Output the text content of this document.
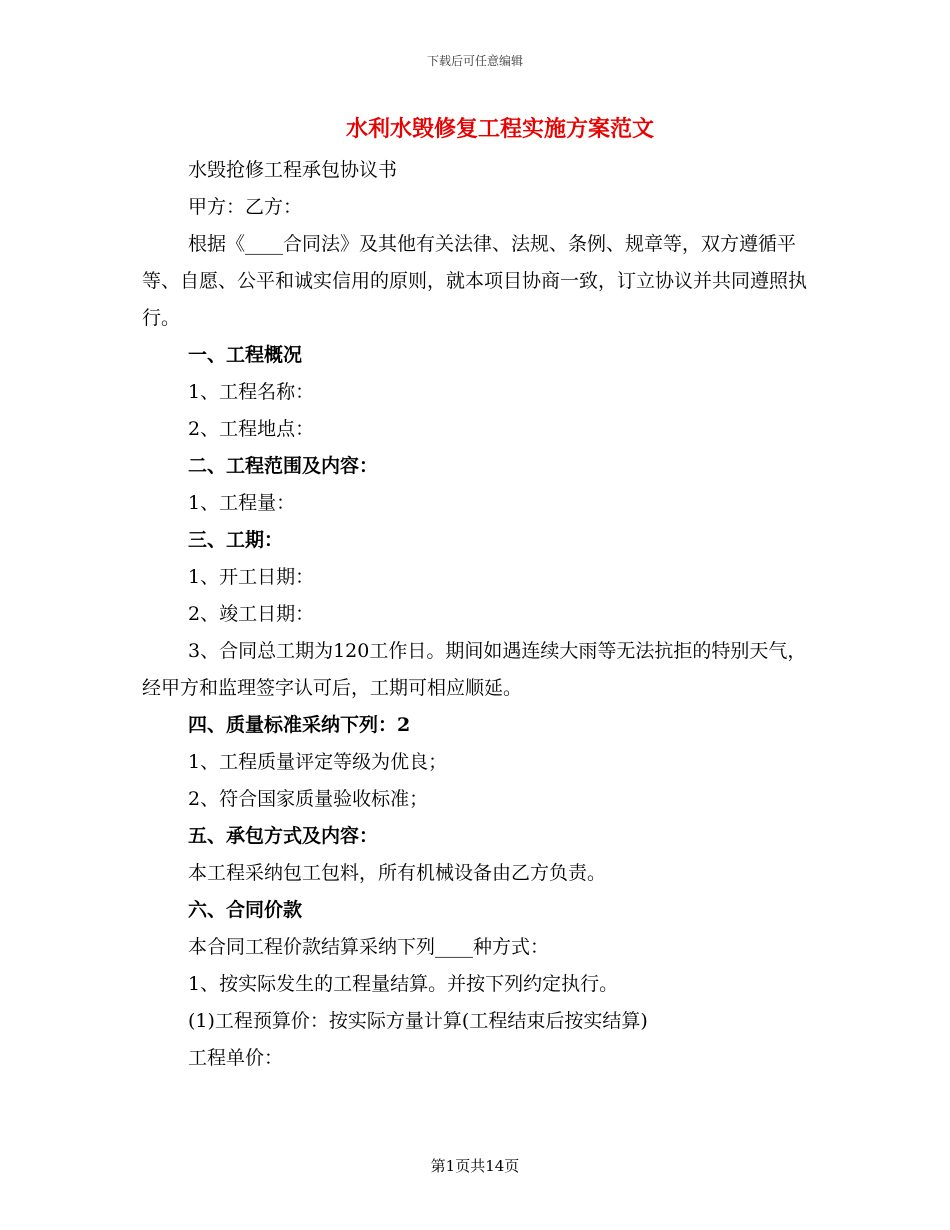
下载后可任意编辑
水利水毁修复工程实施方案范文

水毁抢修工程承包协议书

甲方：乙方：

根据《____合同法》及其他有关法律、法规、条例、规章等，双方遵循平等、自愿、公平和诚实信用的原则，就本项目协商一致，订立协议并共同遵照执行。

一、工程概况

1、工程名称：

2、工程地点：

二、工程范围及内容：

1、工程量：

三、工期：

1、开工日期：

2、竣工日期：

3、合同总工期为120工作日。期间如遇连续大雨等无法抗拒的特别天气，经甲方和监理签字认可后，工期可相应顺延。

四、质量标准采纳下列：2

1、工程质量评定等级为优良；

2、符合国家质量验收标准；

五、承包方式及内容：

本工程采纳包工包料，所有机械设备由乙方负责。

六、合同价款

本合同工程价款结算采纳下列____种方式：

1、按实际发生的工程量结算。并按下列约定执行。

(1)工程预算价：按实际方量计算(工程结束后按实结算)

工程单价：

第1页共14页
